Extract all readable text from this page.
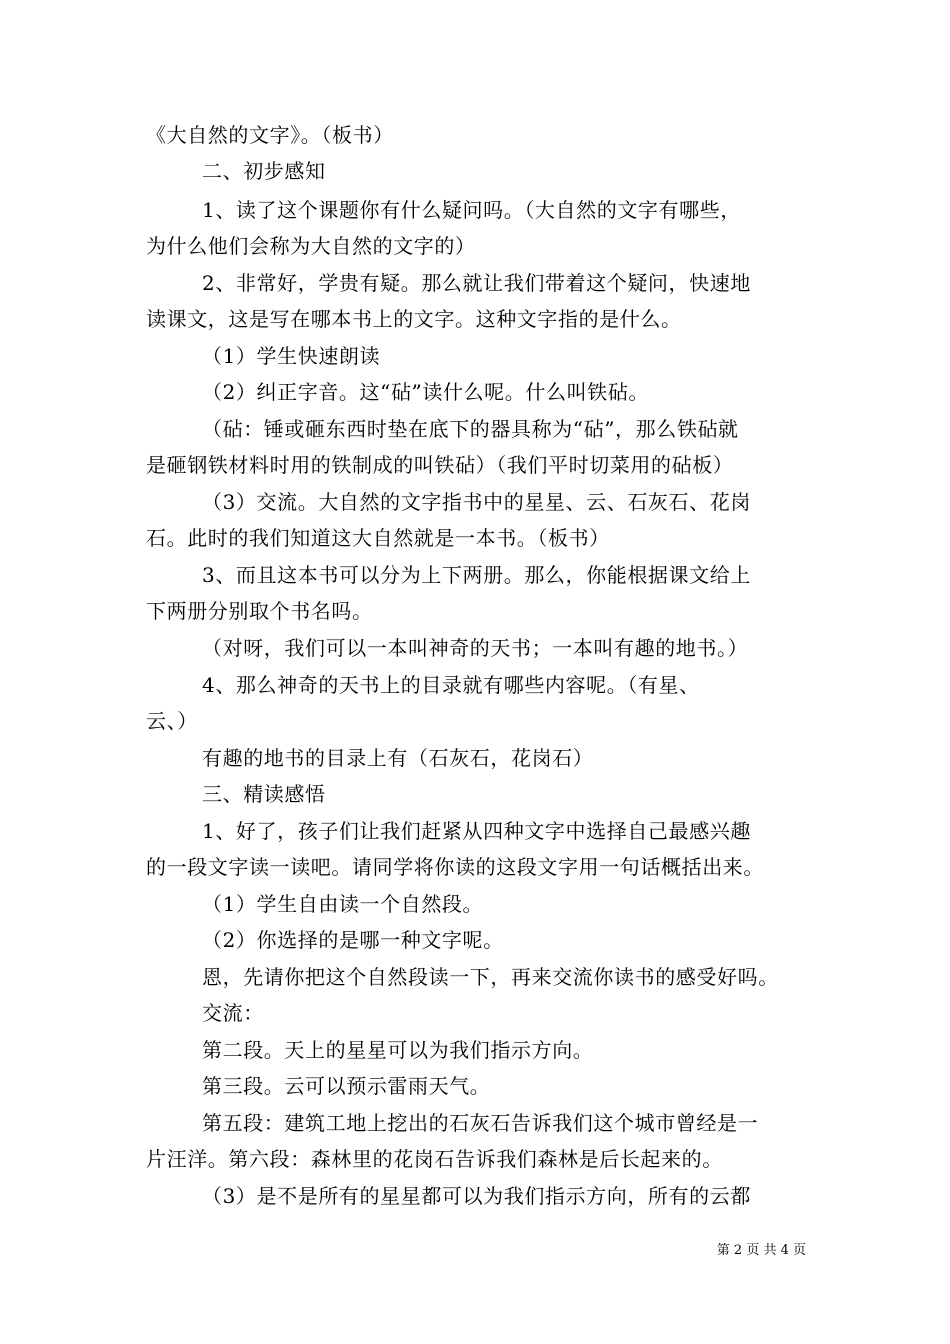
《大自然的文字》。（板书）
二、初步感知
1、读了这个课题你有什么疑问吗。（大自然的文字有哪些，
为什么他们会称为大自然的文字的）
2、非常好，学贵有疑。那么就让我们带着这个疑问，快速地
读课文，这是写在哪本书上的文字。这种文字指的是什么。
（1）学生快速朗读
（2）纠正字音。这“砧”读什么呢。什么叫铁砧。
（砧：锤或砸东西时垫在底下的器具称为“砧”，那么铁砧就
是砸钢铁材料时用的铁制成的叫铁砧）（我们平时切菜用的砧板）
（3）交流。大自然的文字指书中的星星、云、石灰石、花岗
石。此时的我们知道这大自然就是一本书。（板书）
3、而且这本书可以分为上下两册。那么，你能根据课文给上
下两册分别取个书名吗。
（对呀，我们可以一本叫神奇的天书；一本叫有趣的地书。）
4、那么神奇的天书上的目录就有哪些内容呢。（有星、
云、）
有趣的地书的目录上有（石灰石，花岗石）
三、精读感悟
1、好了，孩子们让我们赶紧从四种文字中选择自己最感兴趣
的一段文字读一读吧。请同学将你读的这段文字用一句话概括出来。
（1）学生自由读一个自然段。
（2）你选择的是哪一种文字呢。
恩，先请你把这个自然段读一下，再来交流你读书的感受好吗。
交流：
第二段。天上的星星可以为我们指示方向。
第三段。云可以预示雷雨天气。
第五段：建筑工地上挖出的石灰石告诉我们这个城市曾经是一
片汪洋。第六段：森林里的花岗石告诉我们森林是后长起来的。
（3）是不是所有的星星都可以为我们指示方向，所有的云都
第 2 页 共 4 页
